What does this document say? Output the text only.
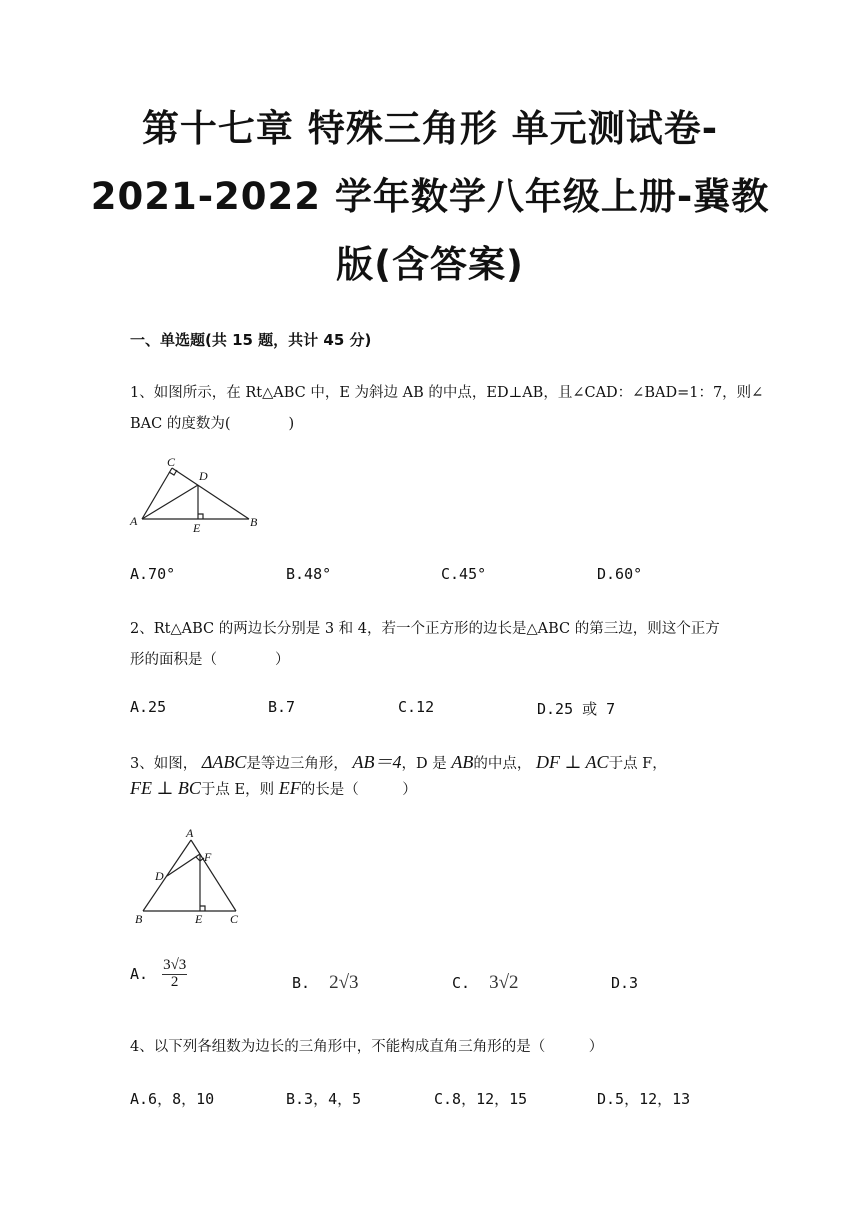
第十七章 特殊三角形 单元测试卷-
2021-2022 学年数学八年级上册-冀教
版(含答案)
一、单选题(共 15 题，共计 45 分)
1、如图所示，在 Rt△ABC 中，E 为斜边 AB 的中点，ED⊥AB，且∠CAD：∠BAD=1：7，则∠
BAC 的度数为(　　　　)
C
D
A	E	B
A.70°	B.48°	C.45°	D.60°
2、Rt△ABC 的两边长分别是 3 和 4，若一个正方形的边长是△ABC 的第三边，则这个正方
形的面积是（　　　　）
A.25	B.7	C.12	D.25 或 7
3、如图， ΔABC是等边三角形， AB＝4，D 是 AB的中点， DF ⊥ AC于点 F，
FE ⊥ BC于点 E，则 EF的长是（　　　）
A
F
D
B	E C
A. $\frac{3√3}{2}$	B. 2√3	C. 3√2	D.3
4、以下列各组数为边长的三角形中，不能构成直角三角形的是（　　　）
A.6，8，10	B.3，4，5	C.8，12，15	D.5，12，13
